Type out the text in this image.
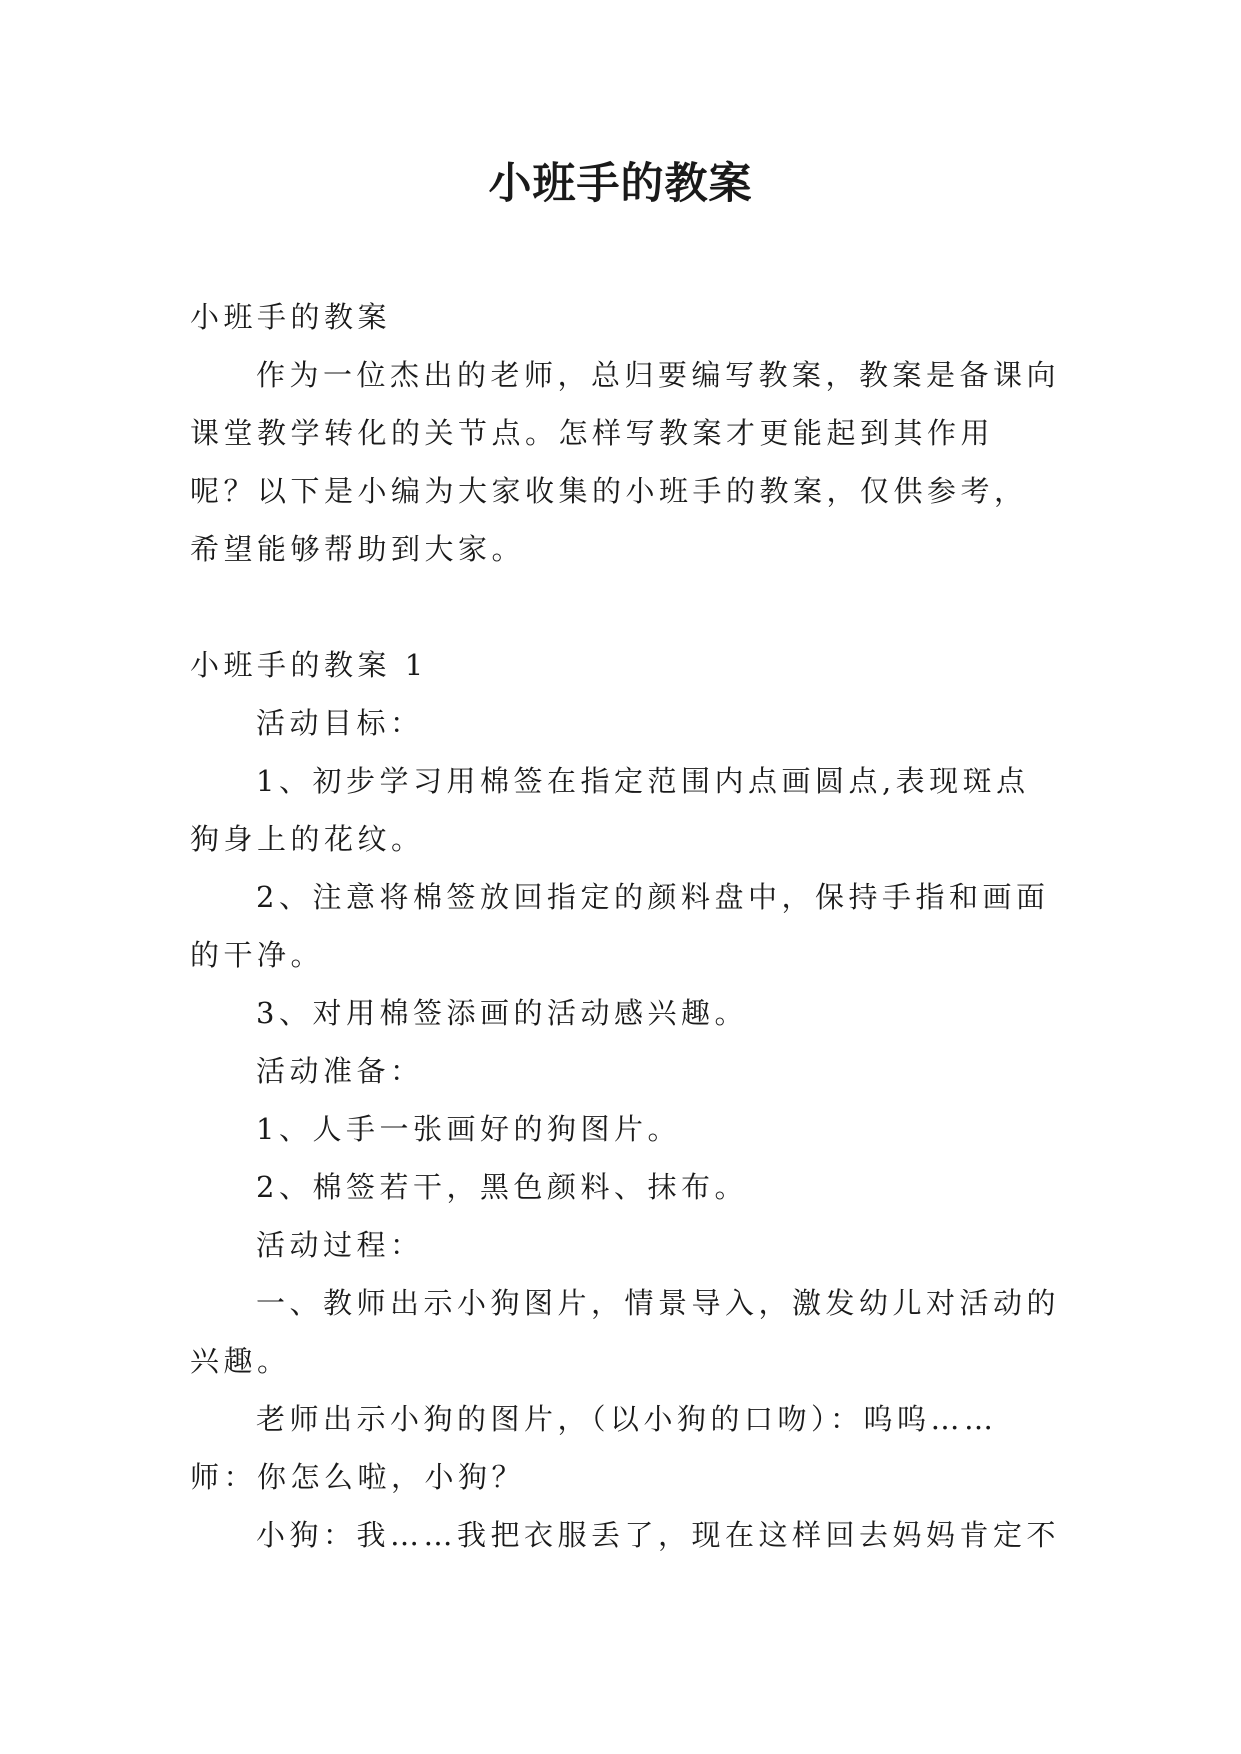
小班手的教案

小班手的教案

作为一位杰出的老师，总归要编写教案，教案是备课向课堂教学转化的关节点。怎样写教案才更能起到其作用呢？以下是小编为大家收集的小班手的教案，仅供参考，希望能够帮助到大家。

小班手的教案 1

活动目标：

1、初步学习用棉签在指定范围内点画圆点,表现斑点狗身上的花纹。

2、注意将棉签放回指定的颜料盘中，保持手指和画面的干净。

3、对用棉签添画的活动感兴趣。

活动准备：

1、人手一张画好的狗图片。

2、棉签若干，黑色颜料、抹布。

活动过程：

一、教师出示小狗图片，情景导入，激发幼儿对活动的兴趣。

老师出示小狗的图片，（以小狗的口吻）：呜呜……师：你怎么啦，小狗？

小狗：我……我把衣服丢了，现在这样回去妈妈肯定不
